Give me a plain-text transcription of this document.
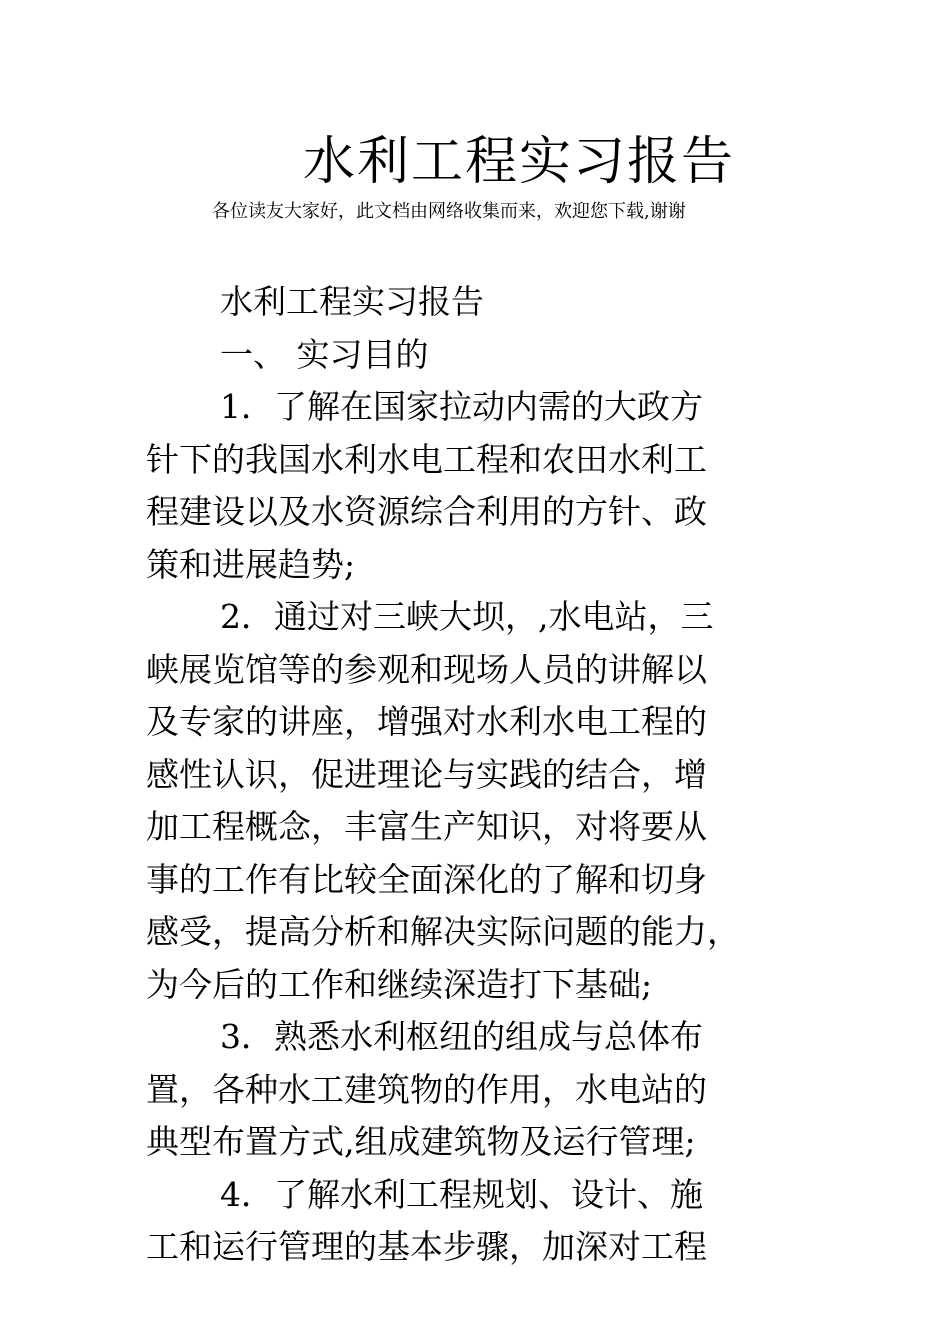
水利工程实习报告
各位读友大家好，此文档由网络收集而来，欢迎您下载,谢谢
水利工程实习报告
一、 实习目的
1．了解在国家拉动内需的大政方
针下的我国水利水电工程和农田水利工
程建设以及水资源综合利用的方针、政
策和进展趋势;
2．通过对三峡大坝，,水电站，三
峡展览馆等的参观和现场人员的讲解以
及专家的讲座，增强对水利水电工程的
感性认识，促进理论与实践的结合，增
加工程概念，丰富生产知识，对将要从
事的工作有比较全面深化的了解和切身
感受，提高分析和解决实际问题的能力，
为今后的工作和继续深造打下基础;
3．熟悉水利枢纽的组成与总体布
置，各种水工建筑物的作用，水电站的
典型布置方式,组成建筑物及运行管理;
4．了解水利工程规划、设计、施
工和运行管理的基本步骤，加深对工程
